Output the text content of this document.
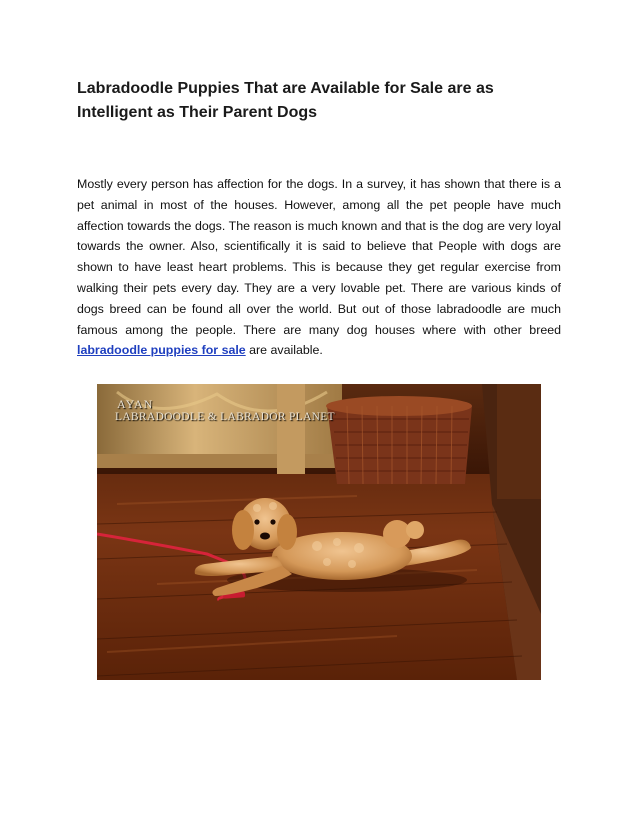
Labradoodle Puppies That are Available for Sale are as Intelligent as Their Parent Dogs

Mostly every person has affection for the dogs. In a survey, it has shown that there is a pet animal in most of the houses. However, among all the pet people have much affection towards the dogs. The reason is much known and that is the dog are very loyal towards the owner. Also, scientifically it is said to believe that People with dogs are shown to have least heart problems. This is because they get regular exercise from walking their pets every day. They are a very lovable pet. There are various kinds of dogs breed can be found all over the world. But out of those labradoodle are much famous among the people. There are many dog houses where with other breed labradoodle puppies for sale are available.

AYAN
LABRADOODLE & LABRADOR PLANET
